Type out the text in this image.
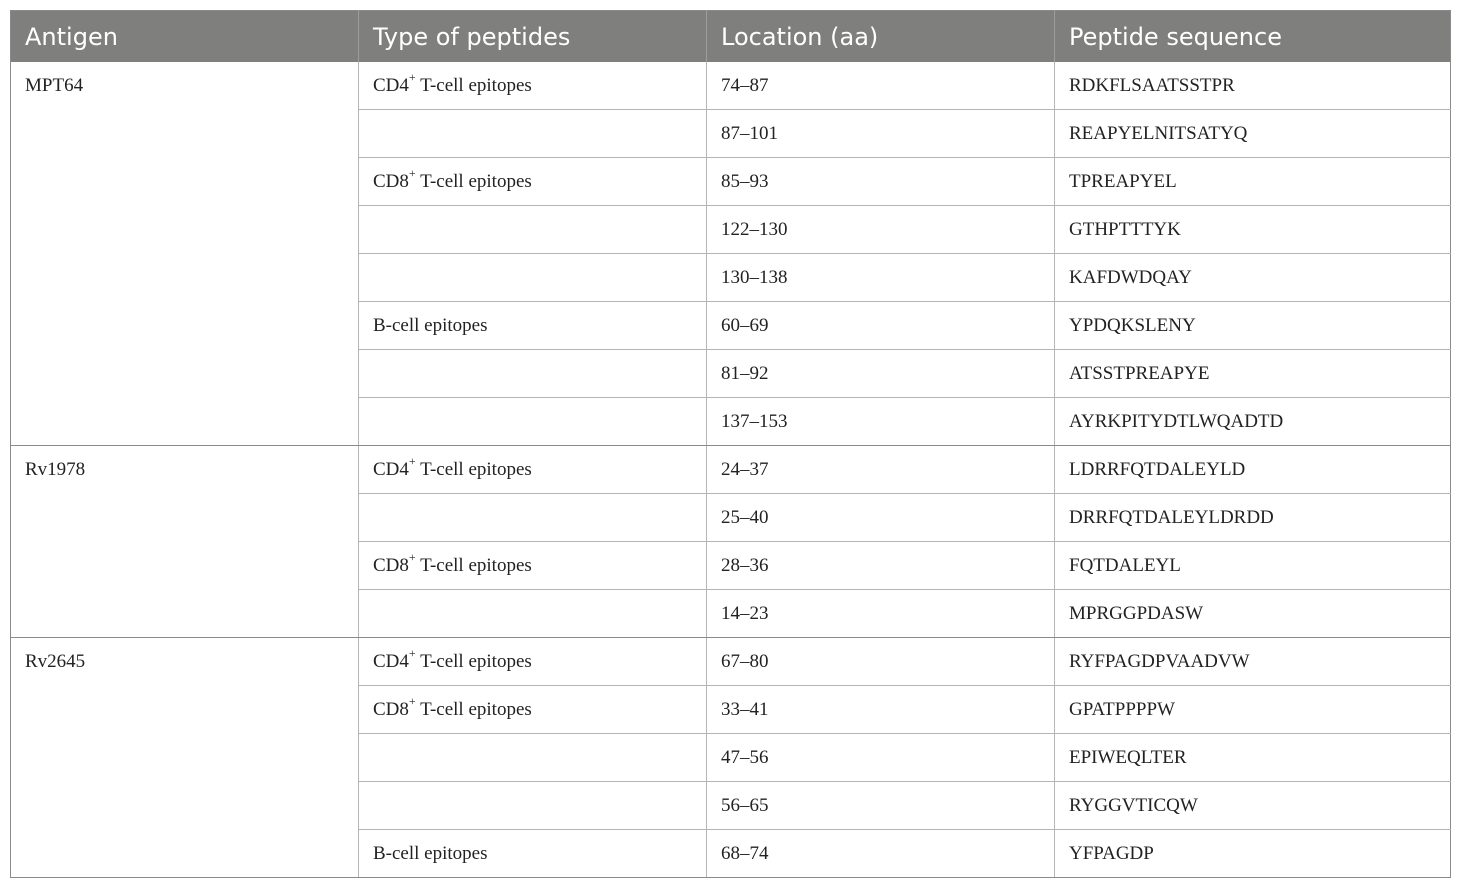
Antigen	Type of peptides	Location (aa)	Peptide sequence
MPT64	CD4+ T-cell epitopes	74–87	RDKFLSAATSSTPR
		87–101	REAPYELNITSATYQ
	CD8+ T-cell epitopes	85–93	TPREAPYEL
		122–130	GTHPTTTYK
		130–138	KAFDWDQAY
	B-cell epitopes	60–69	YPDQKSLENY
		81–92	ATSSTPREAPYE
		137–153	AYRKPITYDTLWQADTD
Rv1978	CD4+ T-cell epitopes	24–37	LDRRFQTDALEYLD
		25–40	DRRFQTDALEYLDRDD
	CD8+ T-cell epitopes	28–36	FQTDALEYL
		14–23	MPRGGPDASW
Rv2645	CD4+ T-cell epitopes	67–80	RYFPAGDPVAADVW
	CD8+ T-cell epitopes	33–41	GPATPPPPW
		47–56	EPIWEQLTER
		56–65	RYGGVTICQW
	B-cell epitopes	68–74	YFPAGDP
